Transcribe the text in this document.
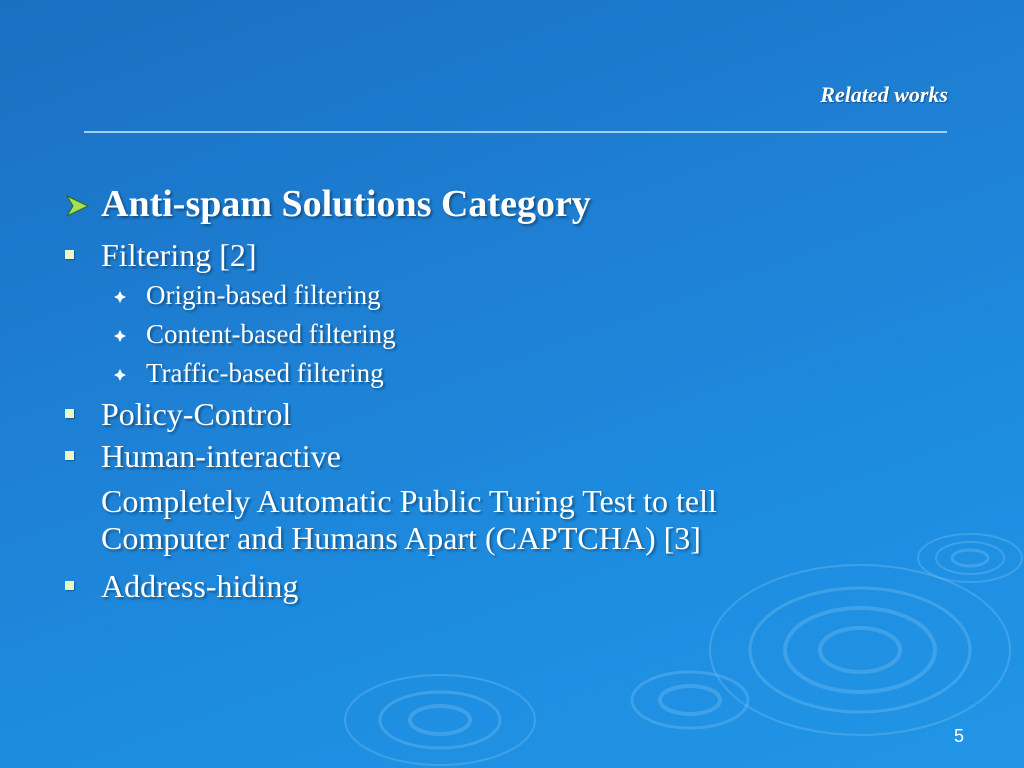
Related works
Anti-spam Solutions Category
Filtering [2]
Origin-based filtering
Content-based filtering
Traffic-based filtering
Policy-Control
Human-interactive
Completely Automatic Public Turing Test to tell
Computer and Humans Apart (CAPTCHA) [3]
Address-hiding
5
